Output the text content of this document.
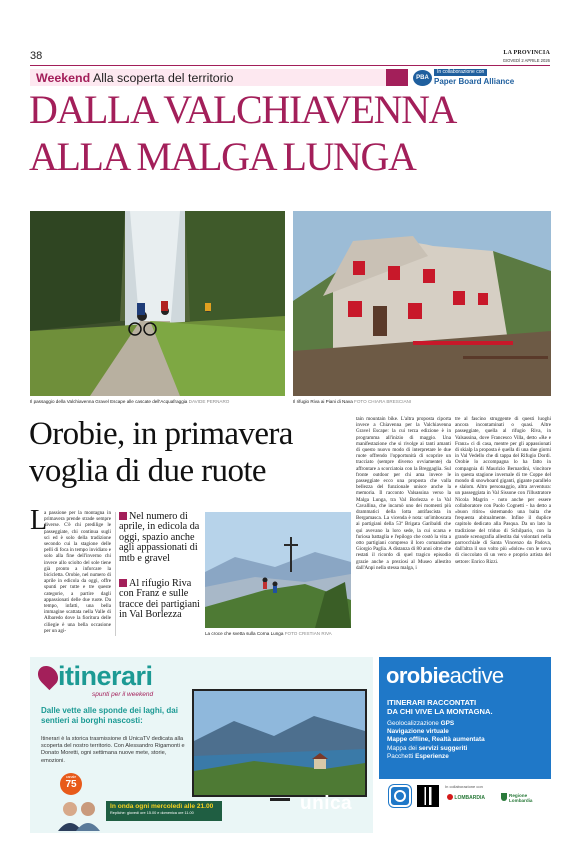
38	LA PROVINCIA
GIOVEDÌ 2 APRILE 2026
Weekend Alla scoperta del territorio	In collaborazione con
PBA Paper Board Alliance
DALLA VALCHIAVENNA
ALLA MALGA LUNGA
Il passaggio della Valchiavenna Gravel Escape alle cascate dell'Acquafraggia DAVIDE PERNARO	Il rifugio Riva ai Piani di Nava FOTO CHIARA BRESCIANI
Orobie, in primavera
voglia di due ruote
L
a passione per la montagna in primavera prende strade sempre diverse. C'è chi predilige le passeggiate, chi continua sugli sci ed è solo della tradizione secondo cui la stagione delle pelli di foca in tempo invidiato e solo alla fine dell'inverno chi invece allo sciolto del sole tiene già pronto a inforcare la bicicletta. Orobie, nel numero di aprile in edicola da oggi, offre spunti per tutte e tre queste categorie, a partire dagli appassionati delle due ruote. Da tempo, infatti, una bella immagine scattata nella Valle di Albaredo dove la fioritura delle ciliegie è una bella occasione per un agi-
Nel numero di aprile, in edicola da oggi, spazio anche agli appassionati di mtb e gravel
Al rifugio Riva con Franz e sulle tracce dei partigiani in Val Borlezza
La croce che svetta sulla Corna Lunga FOTO CRISTIAN RIVA
tain mountain bike. L'altra proposta ciporta invece a Chiavenna per la Valchiavenna Gravel Escape: la cui terza edizione è in programma all'inizio di maggio. Una manifestazione che si rivolge ai tanti amanti di questo nuovo modo di interpretare le due ruote offrendo l'opportunità di scoprire un tracciato (sempre diverso ovviamente) da affrontare a scorciatoia con la Breggaglia. Sul fronte outdoor per chi ama invece le passeggiate ecco una proposta che valla bellezza del funzionale unisce anche la memoria. Il racconto Valsassina verso la Malga Lunga, tra Val Borlezza e la Val Cavallina, che incarnò uno dei momenti più drammatici della lotta antifascista in Bergamasca. La vicenda è nota: un'imboscata ai partigiani della 53ª Brigata Garibaldi che qui avevano la loro sede, la cui scarsa e furiosa battaglia e l'epilogo che costò la vita a otto partigiani compreso il loro comandante Giorgio Paglia. A distanza di 80 anni oltre che restati il ricordo di quel tragico episodio grazie anche a preziosi al Museo allestito dall'Anpi nella stessa malga, i
tre al fascino struggente di questi luoghi ancora incontaminati o quasi. Altre passeggiate, quella al rifugio Riva, in Valsassina, dove Francesco Villa, detto «Re e Franz» ci di casa, mentre per gli appassionati di skialp la proposta è quella di una due giorni in Val Vedello che di tappa del Rifugio Dordi. Orobie lo accompagna lo ha fatto in compagnia di Maurizio Bernardini, vincitore in questa stagione invernale di tre Coppe del mondo di snowboard giganti, gigante parallelo e slalom. Altro personaggio, altra avventura: un passeggiata in Val Sissone con l'illustratore Nicola Magrin - noto anche per essere collaboratore con Paolo Cognetti - ha detto a «buon ritiro» sistemando una baita che frequenta abitualmente. Infine il duplice capitolo dedicato alla Pasqua. Da un lato la tradizione del triduo di Schilpario, con la grande scenografia allestita dai volontari nella parrocchiale di Santa Vincenzo da Padova, dall'altra il suo volto più «dolce» con le uova di cioccolato di un vero e proprio artista del settore: Enrico Rizzi.
itinerari
spunti per il weekend
Dalle vette alle sponde dei laghi, dai sentieri ai borghi nascosti:
Itinerari è la storica trasmissione di UnicaTV dedicata alla scoperta del nostro territorio. Con Alessandro Rigamonti e Donato Moretti, ogni settimana nuove mete, storie, emozioni.
canale
75
In onda ogni mercoledì alle 21.00
Repliche: giovedì ore 15.00 e domenica ore 11.00	unica
orobieactive
ITINERARI RACCONTATI
DA CHI VIVE LA MONTAGNA.
Geolocalizzazione GPS
Navigazione virtuale
Mappe offline, Realtà aumentata
Mappa dei servizi suggeriti
Pacchetti Esperienze
In collaborazione con
LOMBARDIA	Regione Lombardia
